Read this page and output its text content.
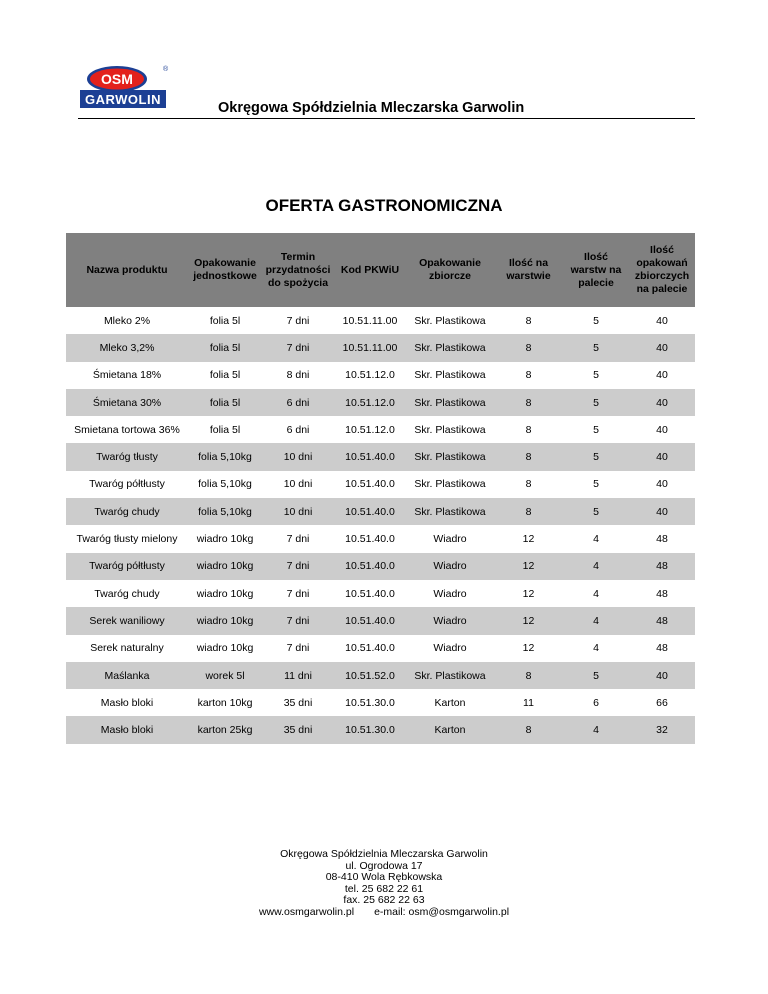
OSM
®
GARWOLIN
Okręgowa Spółdzielnia Mleczarska Garwolin
OFERTA GASTRONOMICZNA
Nazwa produktu	Opakowanie jednostkowe	Termin przydatności do spożycia	Kod PKWiU	Opakowanie zbiorcze	Ilość na warstwie	Ilość warstw na palecie	Ilość opakowań zbiorczych na palecie
Mleko 2%	folia 5l	7 dni	10.51.11.00	Skr. Plastikowa	8	5	40
Mleko 3,2%	folia 5l	7 dni	10.51.11.00	Skr. Plastikowa	8	5	40
Śmietana 18%	folia 5l	8 dni	10.51.12.0	Skr. Plastikowa	8	5	40
Śmietana 30%	folia 5l	6 dni	10.51.12.0	Skr. Plastikowa	8	5	40
Smietana tortowa 36%	folia 5l	6 dni	10.51.12.0	Skr. Plastikowa	8	5	40
Twaróg tłusty	folia 5,10kg	10 dni	10.51.40.0	Skr. Plastikowa	8	5	40
Twaróg półtłusty	folia 5,10kg	10 dni	10.51.40.0	Skr. Plastikowa	8	5	40
Twaróg chudy	folia 5,10kg	10 dni	10.51.40.0	Skr. Plastikowa	8	5	40
Twaróg tłusty mielony	wiadro 10kg	7 dni	10.51.40.0	Wiadro	12	4	48
Twaróg półtłusty	wiadro 10kg	7 dni	10.51.40.0	Wiadro	12	4	48
Twaróg chudy	wiadro 10kg	7 dni	10.51.40.0	Wiadro	12	4	48
Serek waniliowy	wiadro 10kg	7 dni	10.51.40.0	Wiadro	12	4	48
Serek naturalny	wiadro 10kg	7 dni	10.51.40.0	Wiadro	12	4	48
Maślanka	worek 5l	11 dni	10.51.52.0	Skr. Plastikowa	8	5	40
Masło bloki	karton 10kg	35 dni	10.51.30.0	Karton	11	6	66
Masło bloki	karton 25kg	35 dni	10.51.30.0	Karton	8	4	32
Okręgowa Spółdzielnia Mleczarska Garwolin
ul. Ogrodowa 17
08-410 Wola Rębkowska
tel. 25 682 22 61
fax. 25 682 22 63
www.osmgarwolin.pl e-mail: osm@osmgarwolin.pl
